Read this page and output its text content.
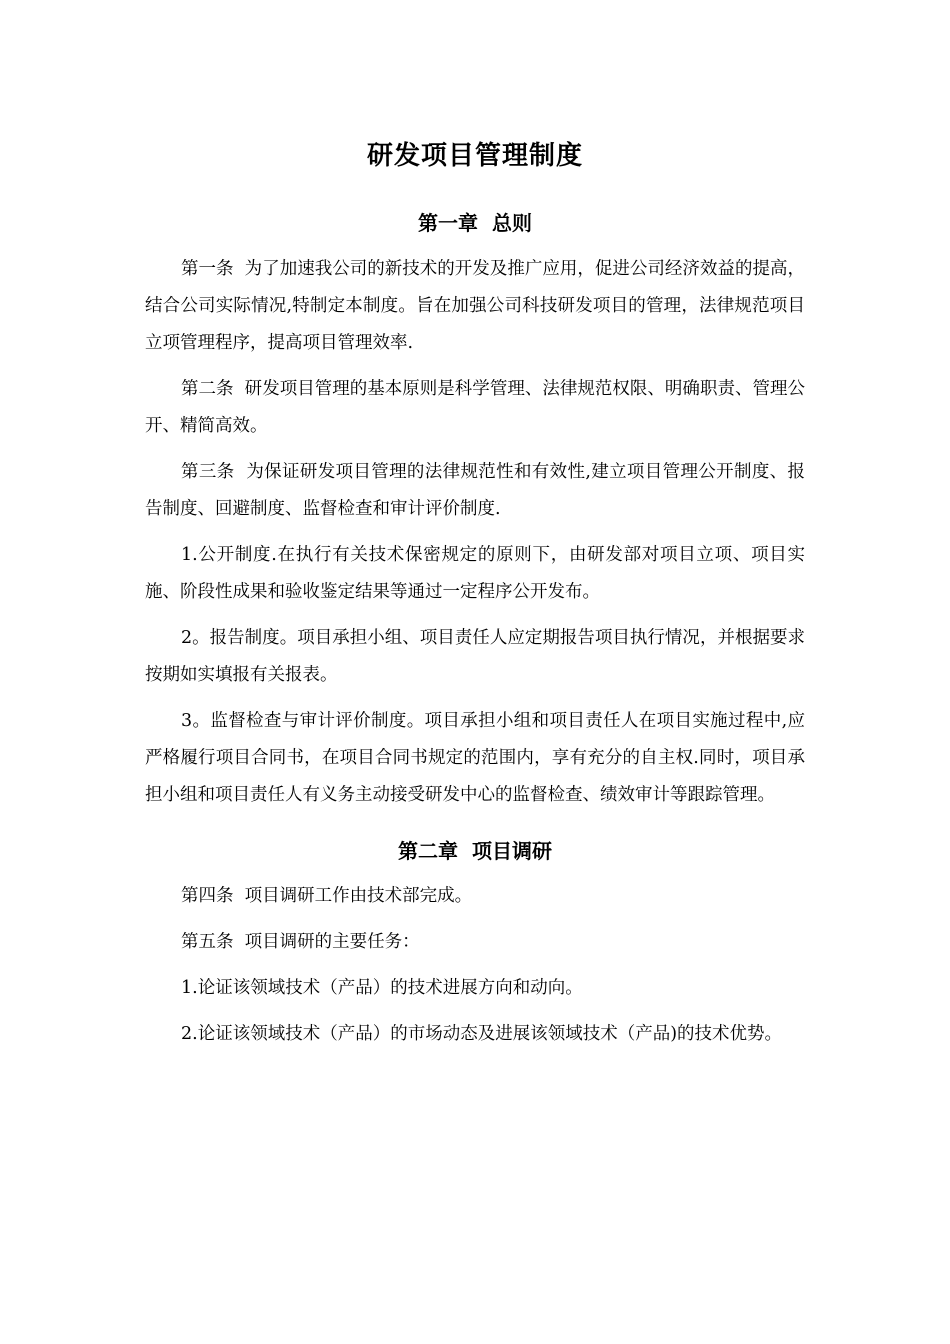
研发项目管理制度
第一章  总则

第一条  为了加速我公司的新技术的开发及推广应用，促进公司经济效益的提高，结合公司实际情况,特制定本制度。旨在加强公司科技研发项目的管理，法律规范项目立项管理程序，提高项目管理效率.

第二条  研发项目管理的基本原则是科学管理、法律规范权限、明确职责、管理公开、精简高效。

第三条  为保证研发项目管理的法律规范性和有效性,建立项目管理公开制度、报告制度、回避制度、监督检查和审计评价制度.

1.公开制度.在执行有关技术保密规定的原则下，由研发部对项目立项、项目实施、阶段性成果和验收鉴定结果等通过一定程序公开发布。

2。报告制度。项目承担小组、项目责任人应定期报告项目执行情况，并根据要求按期如实填报有关报表。

3。监督检查与审计评价制度。项目承担小组和项目责任人在项目实施过程中,应严格履行项目合同书，在项目合同书规定的范围内，享有充分的自主权.同时，项目承担小组和项目责任人有义务主动接受研发中心的监督检查、绩效审计等跟踪管理。

第二章  项目调研

第四条  项目调研工作由技术部完成。

第五条  项目调研的主要任务：

1.论证该领域技术（产品）的技术进展方向和动向。

2.论证该领域技术（产品）的市场动态及进展该领域技术（产品)的技术优势。
